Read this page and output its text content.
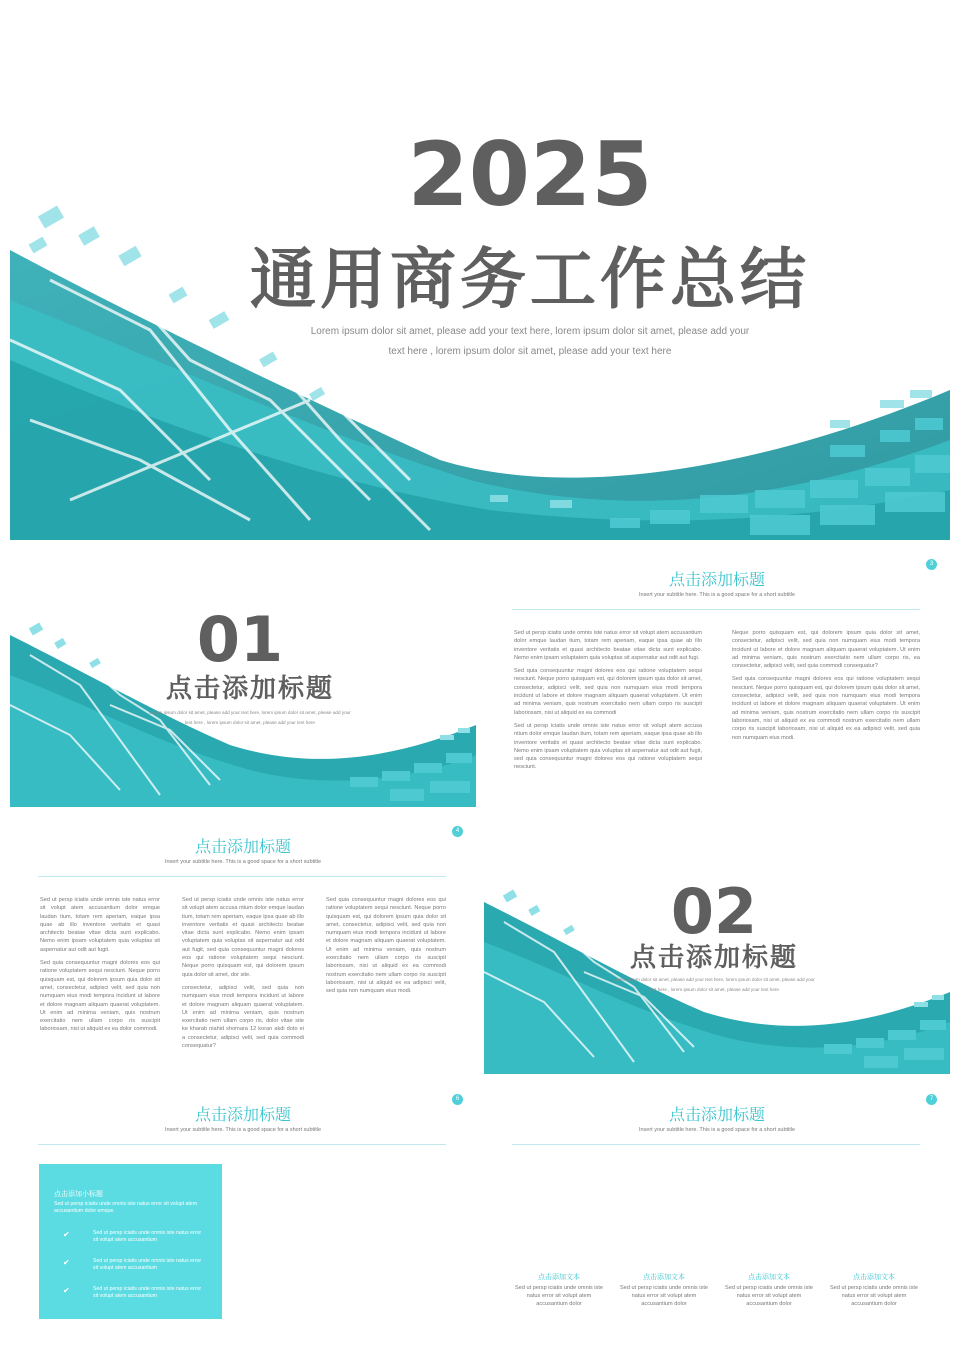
2025
通用商务工作总结
Lorem ipsum dolor sit amet, please add your text here, lorem ipsum dolor sit amet, please add your
text here , lorem ipsum dolor sit amet, please add your text here
01
点击添加标题
Lorem ipsum dolor sit amet, please add your text here, lorem ipsum dolor sit amet, please add your
text here , lorem ipsum dolor sit amet, please add your text here
3
点击添加标题
Insert your subtitle here. This is a good space for a short subtitle

Sed ut persp iciatis unde omnis iste natus error sit volupt atem accusantium dolor emque laudan tium, totam rem aperiam, eaque ipsa quae ab illo inventore veritatis et quasi architecto beatae vitae dicta sunt explicabo. Nemo enim ipsam voluptatem quia voluptas sit aspernatur aut odit aut fugi.

Sed quia consequuntur magni dolores eos qui ratione voluptatem sequi nesciunt. Neque porro quisquam est, qui dolorem ipsum quia dolor sit amet, consectetur, adipisci velit, sed quia non numquam eius modi tempora incidunt ut labore et dolore magnam aliquam quaerat voluptatem. Ut enim ad minima veniam, quis nostrum exercitatio nem ullam corpo ris suscipit laboriosam, nisi ut aliquid ex ea commodi

Sed ut persp iciatis unde omnis iste natus error sit volupt atem accusa ntium dolor emque laudan tium, totam rem aperiam, eaque ipsa quae ab illo inventore veritatis et quasi architecto beatae vitae dicta sunt explicabo. Nemo enim ipsam voluptatem quia voluptas sit aspernatur aut odit aut fugit, sed quia consequuntur magni dolores eos qui ratione voluptatem sequi nesciunt.

Neque porro quisquam est, qui dolorem ipsum quia dolor sit amet, consectetur, adipisci velit, sed quia non numquam eius modi tempora incidunt ut labore et dolore magnam aliquam quaerat voluptatem. Ut enim ad minima veniam, quis nostrum exercitatio nem ullam corpo ris, ea consectetur, adipisci velit, sed quia commodi consequatur?

Sed quia consequuntur magni dolores eos qui ratione voluptatem sequi nesciunt. Neque porro quisquam est, qui dolorem ipsum quia dolor sit amet, consectetur, adipisci velit, sed quia non numquam eius modi tempora incidunt ut labore et dolore magnam aliquam quaerat voluptatem. Ut enim ad minima veniam, quis nostrum exercitatio nem ullam corpo ris suscipit laboriosam, nisi ut aliquid ex ea commodi nostrum exercitatio nem ullam corpo ris suscipit laboriosam, nisi ut aliquid ex ea adipisci velit, sed quia non numquam eius modi.

4
点击添加标题
Insert your subtitle here. This is a good space for a short subtitle

Sed ut persp iciatis unde omnis iste natus error sit volupt atem accusantium dolor emque laudan tium, totam rem aperiam, eaque ipsa quae ab illo inventore veritatis et quasi architecto beatae vitae dicta sunt explicabo. Nemo enim ipsam voluptatem quia voluptas sit aspernatur aut odit aut fugit.

Sed quia consequuntur magni dolores eos qui ratione voluptatem sequi nesciunt. Neque porro quisquam est, qui dolorem ipsum quia dolor sit amet, consectetur, adipisci velit, sed quia non numquam eius modi tempora incidunt ut labore et dolore magnam aliquam quaerat voluptatem. Ut enim ad minima veniam, quis nostrum exercitatio nem ullam corpo ris suscipit laboriosam, nisi ut aliquid ex ea dolor commodi.

Sed ut persp iciatis unde omnis iste natus error sit volupt atem accusa ntium dolor emque laudan tium, totam rem aperiam, eaque ipsa quae ab illo inventore veritatis et quasi architecto beatae vitae dicta sunt explicabo. Nemo enim ipsam voluptatem quia voluptas sit aspernatur aut odit aut fugit, sed quia consequuntur magni dolores eos qui ratione voluptatem sequi nesciunt. Neque porro quisquam est, qui dolorem ipsum quia dolor sit amet, dor site.

consectetur, adipisci velit, sed quia non numquam eius modi tempora incidunt ut labore et dolore magnam aliquam quaerat voluptatem. Ut enim ad minima veniam, quis nostrum exercitatio nem ullam corpo ris, dolor vitae site ke kharab niahid shomara 12 koran akdi doto ei a consectetur, adipisci velit, sed quia commodi consequatur?

Sed quia consequuntur magni dolores eos qui ratione voluptatem sequi nesciunt. Neque porro quisquam est, qui dolorem ipsum quia dolor sit amet, consectetur, adipisci velit, sed quia non numquam eius modi tempora incidunt ut labore et dolore magnam aliquam quaerat voluptatem. Ut enim ad minima veniam, quis nostrum exercitatio nem ullam corpo ris suscipit laboriosam, nisi ut aliquid ex ea commodi nostrum exercitatio nem ullam corpo ris suscipit laboriosam, nisi ut aliquid ex ea adipisci velit, sed quia non numquam eius modi.

02
点击添加标题
Lorem ipsum dolor sit amet, please add your text here, lorem ipsum dolor sit amet, please add your
text here , lorem ipsum dolor sit amet, please add your text here
6
点击添加标题
Insert your subtitle here. This is a good space for a short subtitle
点击添加小标题
Sed ut persp iciatis unde omnis iste natus error sit volupt atem accusantium dolor emque.
✔	Sed ut persp iciatis unde omnis iste natus error sit volupt atem accusantium
✔	Sed ut persp iciatis unde omnis iste natus error sit volupt atem accusantium
✔	Sed ut persp iciatis unde omnis iste natus error sit volupt atem accusantium
7
点击添加标题
Insert your subtitle here. This is a good space for a short subtitle
点击添加文本
Sed ut persp iciatis unde omnis iste natus error sit volupt atem accusantium dolor
点击添加文本
Sed ut persp iciatis unde omnis iste natus error sit volupt atem accusantium dolor
点击添加文本
Sed ut persp iciatis unde omnis iste natus error sit volupt atem accusantium dolor
点击添加文本
Sed ut persp iciatis unde omnis iste natus error sit volupt atem accusantium dolor
